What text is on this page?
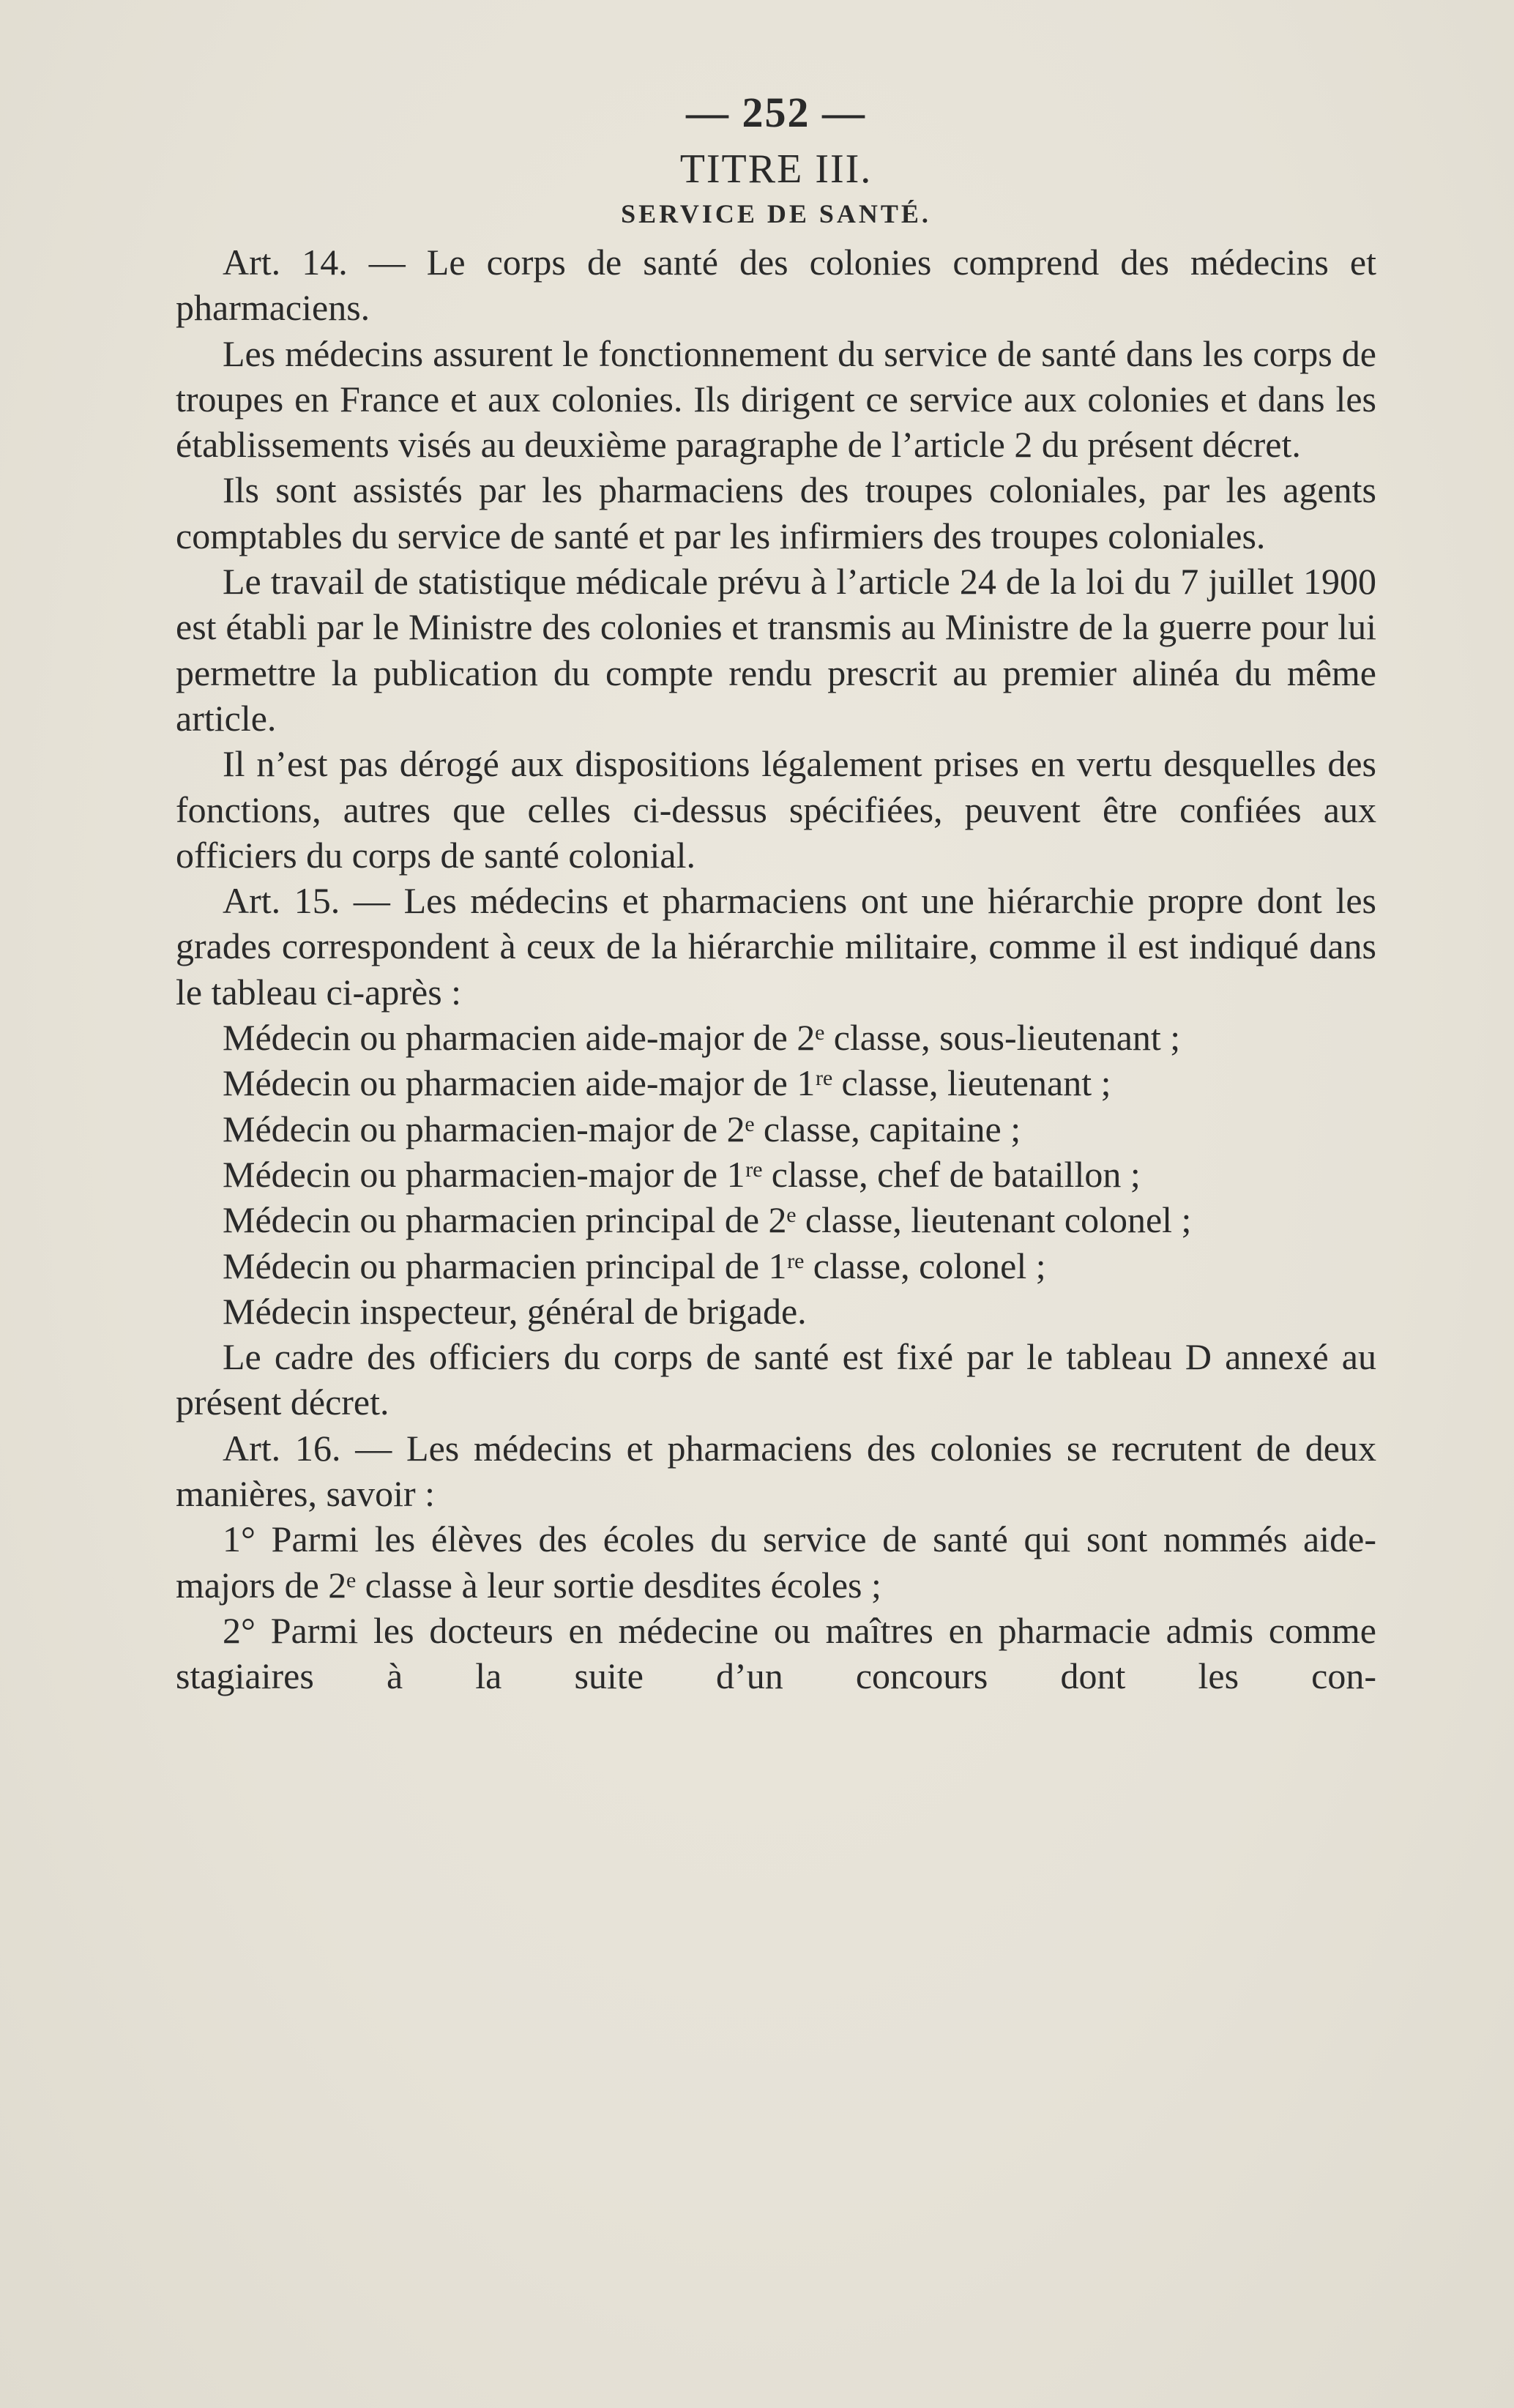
— 252 —
TITRE III.
SERVICE DE SANTÉ.

Art. 14. — Le corps de santé des colonies comprend des médecins et pharmaciens.

Les médecins assurent le fonctionnement du service de santé dans les corps de troupes en France et aux colonies. Ils dirigent ce service aux colonies et dans les établissements visés au deuxième paragraphe de l’article 2 du présent décret.

Ils sont assistés par les pharmaciens des troupes coloniales, par les agents comptables du service de santé et par les infirmiers des troupes coloniales.

Le travail de statistique médicale prévu à l’article 24 de la loi du 7 juillet 1900 est établi par le Ministre des colonies et transmis au Ministre de la guerre pour lui permettre la publication du compte rendu prescrit au premier alinéa du même article.

Il n’est pas dérogé aux dispositions légalement prises en vertu desquelles des fonctions, autres que celles ci-dessus spécifiées, peuvent être confiées aux officiers du corps de santé colonial.

Art. 15. — Les médecins et pharmaciens ont une hiérarchie propre dont les grades correspondent à ceux de la hiérarchie militaire, comme il est indiqué dans le tableau ci-après :

Médecin ou pharmacien aide-major de 2ᵉ classe, sous-lieutenant ;

Médecin ou pharmacien aide-major de 1ʳᵉ classe, lieutenant ;

Médecin ou pharmacien-major de 2ᵉ classe, capitaine ;

Médecin ou pharmacien-major de 1ʳᵉ classe, chef de bataillon ;

Médecin ou pharmacien principal de 2ᵉ classe, lieutenant colonel ;

Médecin ou pharmacien principal de 1ʳᵉ classe, colonel ;

Médecin inspecteur, général de brigade.

Le cadre des officiers du corps de santé est fixé par le tableau D annexé au présent décret.

Art. 16. — Les médecins et pharmaciens des colonies se recrutent de deux manières, savoir :

1° Parmi les élèves des écoles du service de santé qui sont nommés aide-majors de 2ᵉ classe à leur sortie desdites écoles ;

2° Parmi les docteurs en médecine ou maîtres en pharmacie admis comme stagiaires à la suite d’un concours dont les con-
